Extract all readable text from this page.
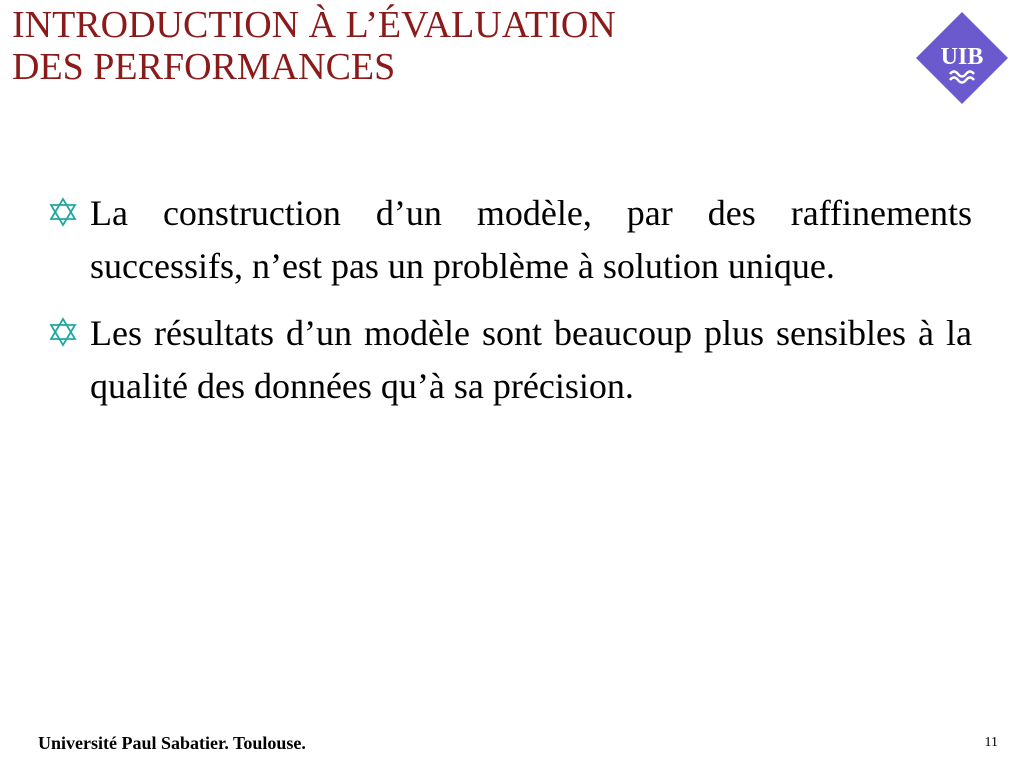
INTRODUCTION À L’ÉVALUATION
DES PERFORMANCES	UIB
La construction d’un modèle, par des raffinements successifs, n’est pas un problème à solution unique.
Les résultats d’un modèle sont beaucoup plus sensibles à la qualité des données qu’à sa précision.
Université Paul Sabatier. Toulouse.	11
